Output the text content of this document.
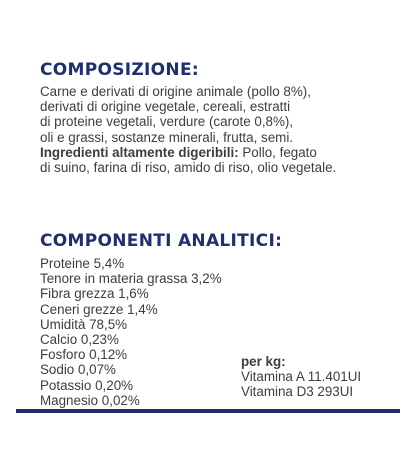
COMPOSIZIONE:
Carne e derivati di origine animale (pollo 8%),
derivati di origine vegetale, cereali, estratti
di proteine vegetali, verdure (carote 0,8%),
oli e grassi, sostanze minerali, frutta, semi.
Ingredienti altamente digeribili: Pollo, fegato
di suino, farina di riso, amido di riso, olio vegetale.
COMPONENTI ANALITICI:
Proteine 5,4%
Tenore in materia grassa 3,2%
Fibra grezza 1,6%
Ceneri grezze 1,4%
Umidità 78,5%
Calcio 0,23%
Fosforo 0,12%
Sodio 0,07%
Potassio 0,20%
Magnesio 0,02%
per kg:
Vitamina A 11.401UI
Vitamina D3 293UI
